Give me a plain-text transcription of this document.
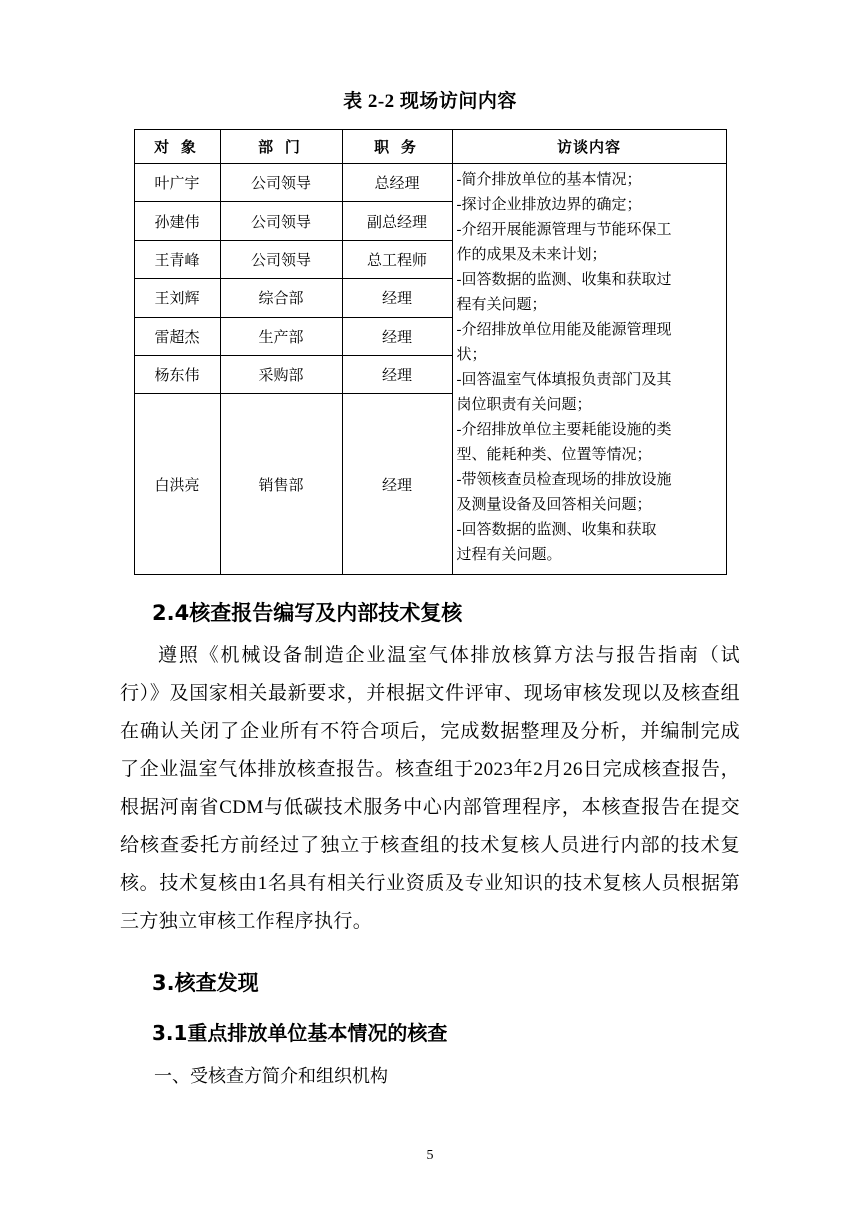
表 2-2 现场访问内容
对 象	部 门	职 务	访谈内容
叶广宇	公司领导	总经理	-简介排放单位的基本情况；
-探讨企业排放边界的确定；
-介绍开展能源管理与节能环保工
作的成果及未来计划；
-回答数据的监测、收集和获取过
程有关问题；
-介绍排放单位用能及能源管理现
状；
-回答温室气体填报负责部门及其
岗位职责有关问题；
-介绍排放单位主要耗能设施的类
型、能耗种类、位置等情况；
-带领核查员检查现场的排放设施
及测量设备及回答相关问题；
-回答数据的监测、收集和获取
过程有关问题。

孙建伟	公司领导	副总经理	
王青峰	公司领导	总工程师	
王刘辉	综合部	经理	
雷超杰	生产部	经理	
杨东伟	采购部	经理	
白洪亮	销售部	经理	
2.4核查报告编写及内部技术复核

遵照《机械设备制造企业温室气体排放核算方法与报告指南（试行）》及国家相关最新要求，并根据文件评审、现场审核发现以及核查组在确认关闭了企业所有不符合项后，完成数据整理及分析，并编制完成了企业温室气体排放核查报告。核查组于2023年2月26日完成核查报告，根据河南省CDM与低碳技术服务中心内部管理程序，本核查报告在提交给核查委托方前经过了独立于核查组的技术复核人员进行内部的技术复核。技术复核由1名具有相关行业资质及专业知识的技术复核人员根据第三方独立审核工作程序执行。

3.核查发现
3.1重点排放单位基本情况的核查

一、受核查方简介和组织机构

5
